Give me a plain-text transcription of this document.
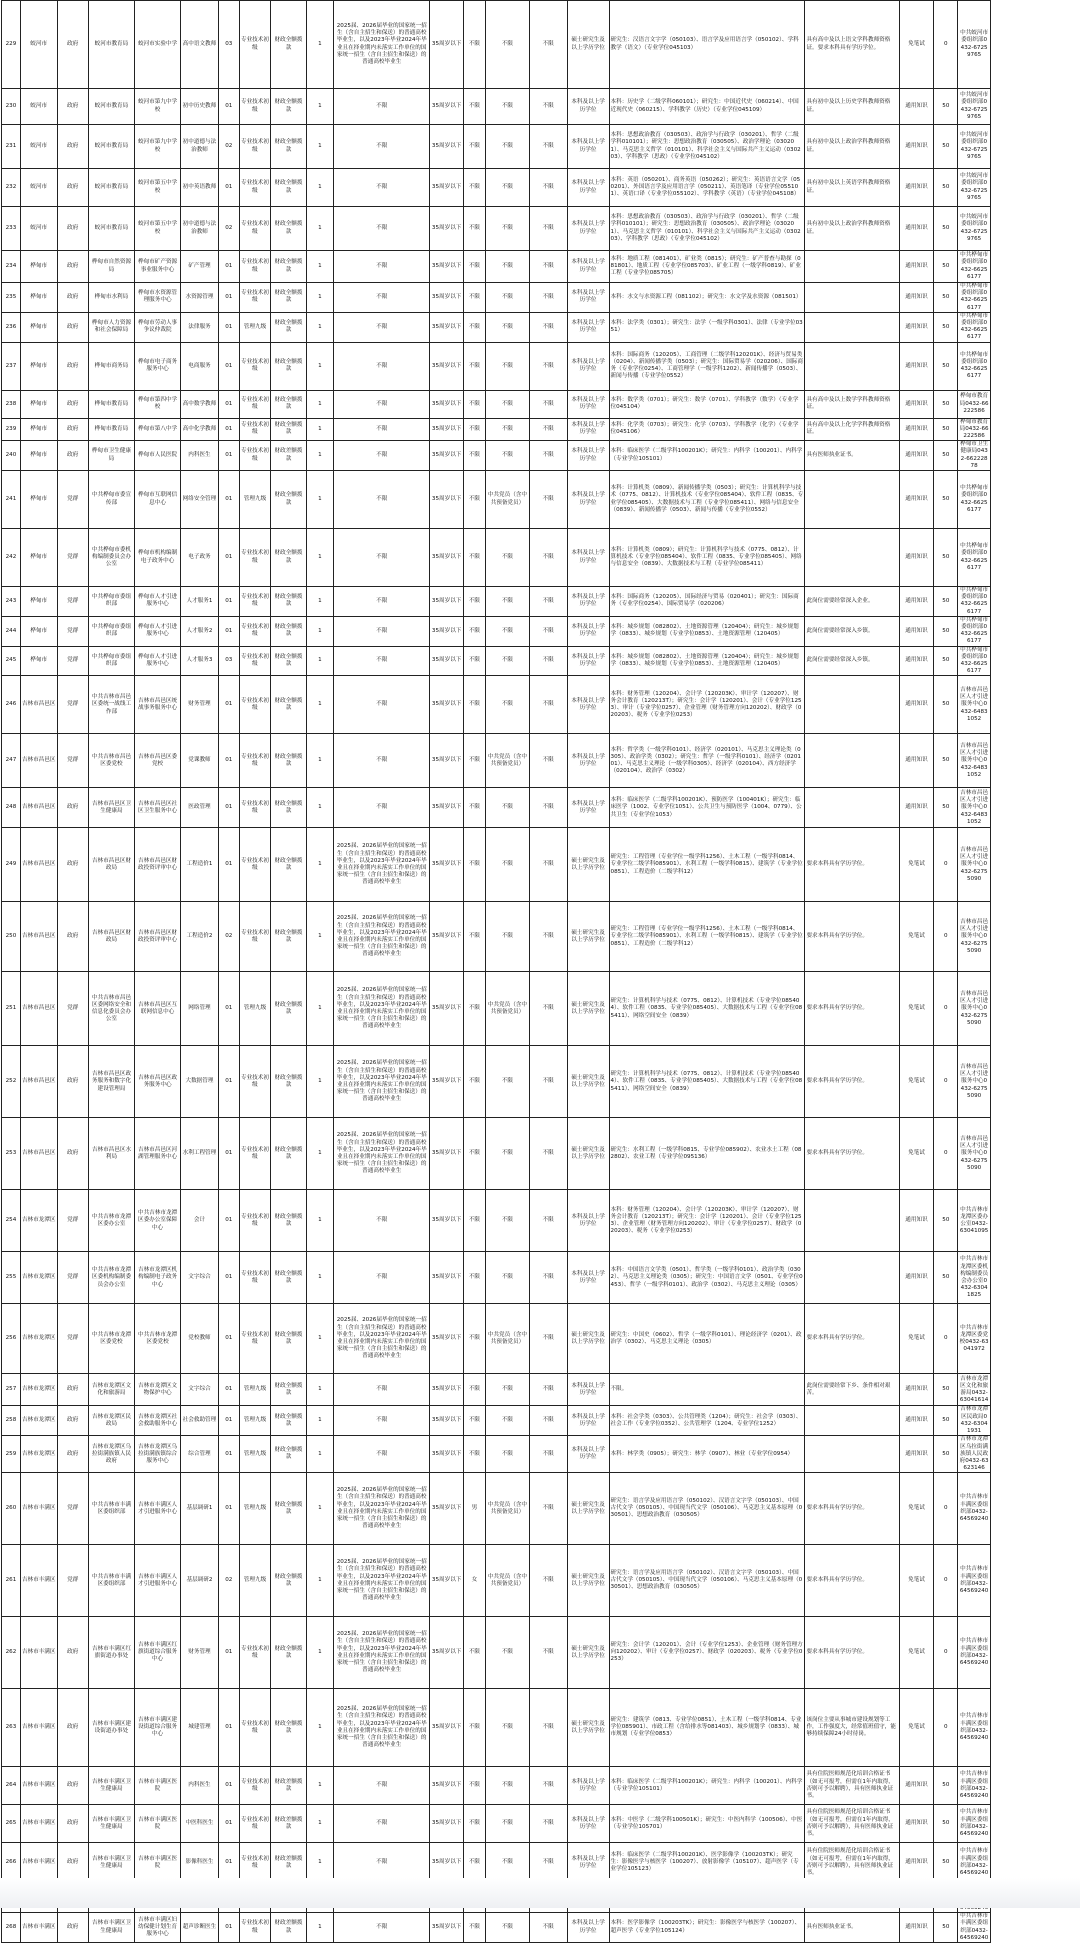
229	蛟河市	政府	蛟河市教育局	蛟河市实验中学	高中语文教师	03	专业技术初级	财政全额拨款	1	2025届、2026届毕业的国家统一招生（含自主招生和保送）的普通高校毕业生，以及2023年毕业2024年毕业且在择业期内未落实工作单位的国家统一招生（含自主招生和保送）的普通高校毕业生	35周岁以下	不限	不限	不限	硕士研究生及以上学历学位	研究生：汉语言文字学（050103）、语言学及应用语言学（050102）、学科教学（语文）（专业学位045103）	具有高中及以上语文学科教师资格证。要求本科具有学历学位。	免笔试	0	中共蛟河市委组织部0432-67259765
230	蛟河市	政府	蛟河市教育局	蛟河市第九中学校	初中历史教师	01	专业技术初级	财政全额拨款	1	不限	35周岁以下	不限	不限	不限	本科及以上学历学位	本科：历史学（二级学科060101）；研究生：中国近代史（060214）、中国近现代史（060215）、学科教学（历史）（专业学位045109）	具有初中及以上历史学科教师资格证。	通用知识	50	中共蛟河市委组织部0432-67259765
231	蛟河市	政府	蛟河市教育局	蛟河市第九中学校	初中道德与法治教师	02	专业技术初级	财政全额拨款	1	不限	35周岁以下	不限	不限	不限	本科及以上学历学位	本科：思想政治教育（030503）、政治学与行政学（030201）、哲学（二级学科010101）；研究生：思想政治教育（030505）、政治学理论（030201）、马克思主义哲学（010101）、科学社会主义与国际共产主义运动（030203）、学科教学（思政）（专业学位045102）	具有初中及以上政治学科教师资格证。	通用知识	50	中共蛟河市委组织部0432-67259765
232	蛟河市	政府	蛟河市教育局	蛟河市第五中学校	初中英语教师	01	专业技术初级	财政全额拨款	1	不限	35周岁以下	不限	不限	不限	本科及以上学历学位	本科：英语（050201）、商务英语（050262）；研究生：英语语言文学（050201）、外国语言学及应用语言学（050211）、英语笔译（专业学位055101）、英语口译（专业学位055102）、学科教学（英语）（专业学位045108）	具有初中及以上英语学科教师资格证。	通用知识	50	中共蛟河市委组织部0432-67259765
233	蛟河市	政府	蛟河市教育局	蛟河市第五中学校	初中道德与法治教师	02	专业技术初级	财政全额拨款	1	不限	35周岁以下	不限	不限	不限	本科及以上学历学位	本科：思想政治教育（030503）、政治学与行政学（030201）、哲学（二级学科010101）；研究生：思想政治教育（030505）、政治学理论（030201）、马克思主义哲学（010101）、科学社会主义与国际共产主义运动（030203）、学科教学（思政）（专业学位045102）	具有初中及以上政治学科教师资格证。	通用知识	50	中共蛟河市委组织部0432-67259765
234	桦甸市	政府	桦甸市自然资源局	桦甸市矿产资源事业服务中心	矿产管理	01	专业技术初级	财政全额拨款	1	不限	35周岁以下	不限	不限	不限	本科及以上学历学位	本科：地质工程（081401）、矿业类（0815）；研究生：矿产普查与勘探（081801）、地质工程（专业学位085703）、矿业工程（一级学科0819）、矿业工程（专业学位085705）		通用知识	50	中共桦甸市委组织部0432-66256177
235	桦甸市	政府	桦甸市水利局	桦甸市水资源管理服务中心	水资源管理	01	专业技术初级	财政全额拨款	1	不限	35周岁以下	不限	不限	不限	本科及以上学历学位	本科：水文与水资源工程（081102）；研究生：水文学及水资源（081501）		通用知识	50	中共桦甸市委组织部0432-66256177
236	桦甸市	政府	桦甸市人力资源和社会保障局	桦甸市劳动人事争议仲裁院	法律服务	01	管理九级	财政全额拨款	1	不限	35周岁以下	不限	不限	不限	本科及以上学历学位	本科：法学类（0301）；研究生：法学（一级学科0301）、法律（专业学位0351）		通用知识	50	中共桦甸市委组织部0432-66256177
237	桦甸市	政府	桦甸市商务局	桦甸市电子商务服务中心	电商服务	01	专业技术初级	财政全额拨款	1	不限	35周岁以下	不限	不限	不限	本科及以上学历学位	本科：国际商务（120205）、工商管理（二级学科120201K）、经济与贸易类（0204）、新闻传播学类（0503）；研究生：国际贸易学（020206）、国际商务（专业学位0254）、工商管理学（一级学科1202）、新闻传播学（0503）、新闻与传播（专业学位0552）		通用知识	50	中共桦甸市委组织部0432-66256177
238	桦甸市	政府	桦甸市教育局	桦甸市第四中学校	高中数学教师	01	专业技术初级	财政全额拨款	1	不限	35周岁以下	不限	不限	不限	本科及以上学历学位	本科：数学类（0701）；研究生：数学（0701）、学科教学（数学）（专业学位045104）	具有高中及以上数学学科教师资格证。	通用知识	50	桦甸市教育局0432-66222586
239	桦甸市	政府	桦甸市教育局	桦甸市第八中学	高中化学教师	01	专业技术初级	财政全额拨款	1	不限	35周岁以下	不限	不限	不限	本科及以上学历学位	本科：化学类（0703）；研究生：化学（0703）、学科教学（化学）（专业学位045106）	具有高中及以上化学学科教师资格证。	通用知识	50	桦甸市教育局0432-66222586
240	桦甸市	政府	桦甸市卫生健康局	桦甸市人民医院	内科医生	01	专业技术初级	财政差额拨款	1	不限	35周岁以下	不限	不限	不限	本科及以上学历学位	本科：临床医学（二级学科100201K）；研究生：内科学（100201）、内科学（专业学位105101）	具有医师执业证书。	通用知识	50	桦甸市卫生健康局0432-66222878
241	桦甸市	党群	中共桦甸市委宣传部	桦甸市互联网信息中心	网络安全管理	01	管理九级	财政全额拨款	1	不限	35周岁以下	不限	中共党员（含中共预备党员）	不限	本科及以上学历学位	本科：计算机类（0809）、新闻传播学类（0503）；研究生：计算机科学与技术（0775、0812）、计算机技术（专业学位085404）、软件工程（0835、专业学位085405）、大数据技术与工程（专业学位085411）、网络与信息安全（0839）、新闻传播学（0503）、新闻与传播（专业学位0552）		通用知识	50	中共桦甸市委组织部0432-66256177
242	桦甸市	党群	中共桦甸市委机构编制委员会办公室	桦甸市机构编制电子政务中心	电子政务	01	专业技术初级	财政全额拨款	1	不限	35周岁以下	不限	不限	不限	本科及以上学历学位	本科：计算机类（0809）；研究生：计算机科学与技术（0775、0812）、计算机技术（专业学位085404）、软件工程（0835、专业学位085405）、网络与信息安全（0839）、大数据技术与工程（专业学位085411）		通用知识	50	中共桦甸市委组织部0432-66256177
243	桦甸市	党群	中共桦甸市委组织部	桦甸市人才引进服务中心	人才服务1	01	专业技术初级	财政全额拨款	1	不限	35周岁以下	不限	不限	不限	本科及以上学历学位	本科：国际商务（120205）、国际经济与贸易（020401）；研究生：国际商务（专业学位0254）、国际贸易学（020206）	此岗位需要经常深入企业。	通用知识	50	中共桦甸市委组织部0432-66256177
244	桦甸市	党群	中共桦甸市委组织部	桦甸市人才引进服务中心	人才服务2	01	专业技术初级	财政全额拨款	1	不限	35周岁以下	不限	不限	不限	本科及以上学历学位	本科：城乡规划（082802）、土地资源管理（120404）；研究生：城乡规划学（0833）、城乡规划（专业学位0853）、土地资源管理（120405）	此岗位需要经常深入乡镇。	通用知识	50	中共桦甸市委组织部0432-66256177
245	桦甸市	党群	中共桦甸市委组织部	桦甸市人才引进服务中心	人才服务3	03	专业技术初级	财政全额拨款	1	不限	35周岁以下	不限	不限	不限	本科及以上学历学位	本科：城乡规划（082802）、土地资源管理（120404）；研究生：城乡规划学（0833）、城乡规划（专业学位0853）、土地资源管理（120405）	此岗位需要经常深入乡镇。	通用知识	50	中共桦甸市委组织部0432-66256177
246	吉林市昌邑区	党群	中共吉林市昌邑区委统一战线工作部	吉林市昌邑区统战事务服务中心	财务管理	01	专业技术初级	财政全额拨款	1	不限	35周岁以下	不限	不限	不限	本科及以上学历学位	本科：财务管理（120204）、会计学（120203K）、审计学（120207）、财务会计教育（120213T）；研究生：会计学（120201）、会计（专业学位1253）、审计（专业学位0257）、企业管理（财务管理方向120202）、财政学（020203）、税务（专业学位0253）		通用知识	50	吉林市昌邑区人才引进服务中心0432-64831052
247	吉林市昌邑区	党群	中共吉林市昌邑区委党校	吉林市昌邑区委党校	党课教师	01	专业技术初级	财政全额拨款	1	不限	35周岁以下	不限	中共党员（含中共预备党员）	不限	本科及以上学历学位	本科：哲学类（一级学科0101）、经济学（020101）、马克思主义理论类（0305）、政治学类（0302）；研究生：哲学（一级学科0101）、经济学（020101）、马克思主义理论（一级学科0305）、经济学（020104）、西方经济学（020104）、政治学（0302）		通用知识	50	吉林市昌邑区人才引进服务中心0432-64831052
248	吉林市昌邑区	政府	吉林市昌邑区卫生健康局	吉林市昌邑区社区卫生服务中心	医政管理	01	专业技术初级	财政全额拨款	1	不限	35周岁以下	不限	不限	不限	本科及以上学历学位	本科：临床医学（二级学科100201K）、预防医学（100401K）；研究生：临床医学（1002、专业学位1051）、公共卫生与预防医学（1004、0779）、公共卫生（专业学位1053）		通用知识	50	吉林市昌邑区人才引进服务中心0432-64831052
249	吉林市昌邑区	政府	吉林市昌邑区财政局	吉林市昌邑区财政投资评审中心	工程造价1	01	专业技术初级	财政全额拨款	1	2025届、2026届毕业的国家统一招生（含自主招生和保送）的普通高校毕业生，以及2023年毕业2024年毕业且在择业期内未落实工作单位的国家统一招生（含自主招生和保送）的普通高校毕业生	35周岁以下	不限	不限	不限	硕士研究生及以上学历学位	研究生：工程管理（专业学位一级学科1256）、土木工程（一级学科0814、专业学位二级学科085901）、水利工程（一级学科0815）、建筑学（专业学位0851）、工程造价（二级学科12）	要求本科具有学历学位。	免笔试	0	吉林市昌邑区人才引进服务中心0432-62755090
250	吉林市昌邑区	政府	吉林市昌邑区财政局	吉林市昌邑区财政投资评审中心	工程造价2	02	专业技术初级	财政全额拨款	1	2025届、2026届毕业的国家统一招生（含自主招生和保送）的普通高校毕业生，以及2023年毕业2024年毕业且在择业期内未落实工作单位的国家统一招生（含自主招生和保送）的普通高校毕业生	35周岁以下	不限	不限	不限	硕士研究生及以上学历学位	研究生：工程管理（专业学位一级学科1256）、土木工程（一级学科0814、专业学位二级学科085901）、水利工程（一级学科0815）、建筑学（专业学位0851）、工程造价（二级学科12）	要求本科具有学历学位。	免笔试	0	吉林市昌邑区人才引进服务中心0432-62755090
251	吉林市昌邑区	党群	中共吉林市昌邑区委网络安全和信息化委员会办公室	吉林市昌邑区互联网信息中心	网络管理	01	管理九级	财政全额拨款	1	2025届、2026届毕业的国家统一招生（含自主招生和保送）的普通高校毕业生，以及2023年毕业2024年毕业且在择业期内未落实工作单位的国家统一招生（含自主招生和保送）的普通高校毕业生	35周岁以下	不限	中共党员（含中共预备党员）	不限	硕士研究生及以上学历学位	研究生：计算机科学与技术（0775、0812）、计算机技术（专业学位085404）、软件工程（0835、专业学位085405）、大数据技术与工程（专业学位085411）、网络空间安全（0839）	要求本科具有学历学位。	免笔试	0	吉林市昌邑区人才引进服务中心0432-62755090
252	吉林市昌邑区	政府	吉林市昌邑区政务服务和数字化建设管理局	吉林市昌邑区政务服务中心	大数据管理	01	专业技术初级	财政全额拨款	1	2025届、2026届毕业的国家统一招生（含自主招生和保送）的普通高校毕业生，以及2023年毕业2024年毕业且在择业期内未落实工作单位的国家统一招生（含自主招生和保送）的普通高校毕业生	35周岁以下	不限	不限	不限	硕士研究生及以上学历学位	研究生：计算机科学与技术（0775、0812）、计算机技术（专业学位085404）、软件工程（0835、专业学位085405）、大数据技术与工程（专业学位085411）、网络空间安全（0839）	要求本科具有学历学位。	免笔试	0	吉林市昌邑区人才引进服务中心0432-62755090
253	吉林市昌邑区	政府	吉林市昌邑区水利局	吉林市昌邑区河湖管理服务中心	水利工程管理	01	专业技术初级	财政全额拨款	1	2025届、2026届毕业的国家统一招生（含自主招生和保送）的普通高校毕业生，以及2023年毕业2024年毕业且在择业期内未落实工作单位的国家统一招生（含自主招生和保送）的普通高校毕业生	35周岁以下	不限	不限	不限	硕士研究生及以上学历学位	研究生：水利工程（一级学科0815、专业学位085902）、农业水土工程（082802）、农业工程（专业学位095136）	要求本科具有学历学位。	免笔试	0	吉林市昌邑区人才引进服务中心0432-62755090
254	吉林市龙潭区	党群	中共吉林市龙潭区委办公室	中共吉林市龙潭区委办公室保障中心	会计	01	专业技术初级	财政全额拨款	1	不限	35周岁以下	不限	不限	不限	本科及以上学历学位	本科：财务管理（120204）、会计学（120203K）、审计学（120207）、财务会计教育（120213T）；研究生：会计学（120201）、会计（专业学位1253）、企业管理（财务管理方向120202）、审计（专业学位0257）、财政学（020203）、税务（专业学位0253）		通用知识	50	中共吉林市龙潭区委办公室0432-63041095
255	吉林市龙潭区	党群	中共吉林市龙潭区委机构编制委员会办公室	吉林市龙潭区机构编制电子政务中心	文字综合	01	专业技术初级	财政全额拨款	1	不限	35周岁以下	不限	不限	不限	本科及以上学历学位	本科：中国语言文学类（0501）、哲学类（一级学科0101）、政治学类（0302）、马克思主义理论类（0305）；研究生：中国语言文学（0501、专业学位0453）、哲学（一级学科0101）、政治学（0302）、马克思主义理论（0305）		通用知识	50	中共吉林市龙潭区委机构编制委员会办公室0432-63041825
256	吉林市龙潭区	党群	中共吉林市龙潭区委党校	中共吉林市龙潭区委党校	党校教师	01	专业技术初级	财政全额拨款	1	2025届、2026届毕业的国家统一招生（含自主招生和保送）的普通高校毕业生，以及2023年毕业2024年毕业且在择业期内未落实工作单位的国家统一招生（含自主招生和保送）的普通高校毕业生	35周岁以下	不限	中共党员（含中共预备党员）	不限	硕士研究生及以上学历学位	研究生：中国史（0602）、哲学（一级学科0101）、理论经济学（0201）、政治学（0302）、马克思主义理论（0305）	要求本科具有学历学位。	免笔试	0	中共吉林市龙潭区委党校0432-63041972
257	吉林市龙潭区	政府	吉林市龙潭区文化和旅游局	吉林市龙潭区文物保护中心	文字综合	01	管理九级	财政全额拨款	1	不限	35周岁以下	不限	不限	不限	本科及以上学历学位	不限。	此岗位需要经常下乡、条件相对艰苦。	通用知识	50	吉林市龙潭区文化和旅游局0432-63041614
258	吉林市龙潭区	政府	吉林市龙潭区民政局	吉林市龙潭区社会救助服务中心	社会救助管理	01	管理九级	财政全额拨款	1	不限	35周岁以下	不限	不限	不限	本科及以上学历学位	本科：社会学类（0303）、公共管理类（1204）；研究生：社会学（0303）、社会工作（专业学位0352）、公共管理学（1204、专业学位1252）		通用知识	50	吉林市龙潭区民政局0432-63041931
259	吉林市龙潭区	政府	吉林市龙潭区乌拉街满族镇人民政府	吉林市龙潭区乌拉街满族镇综合服务中心	综合管理	01	管理九级	财政全额拨款	1	不限	35周岁以下	不限	不限	不限	本科及以上学历学位	本科：林学类（0905）；研究生：林学（0907）、林业（专业学位0954）		通用知识	50	吉林市龙潭区乌拉街满族镇人民政府0432-63623146
260	吉林市丰满区	党群	中共吉林市丰满区委组织部	吉林市丰满区人才引进服务中心	基层调研1	01	管理九级	财政全额拨款	1	2025届、2026届毕业的国家统一招生（含自主招生和保送）的普通高校毕业生，以及2023年毕业2024年毕业且在择业期内未落实工作单位的国家统一招生（含自主招生和保送）的普通高校毕业生	35周岁以下	男	中共党员（含中共预备党员）	不限	硕士研究生及以上学历学位	研究生：语言学及应用语言学（050102）、汉语言文字学（050103）、中国古代文学（050105）、中国现当代文学（050106）、马克思主义基本原理（030501）、思想政治教育（030505）	要求本科具有学历学位。	免笔试	0	中共吉林市丰满区委组织部0432-64569240
261	吉林市丰满区	党群	中共吉林市丰满区委组织部	吉林市丰满区人才引进服务中心	基层调研2	02	管理九级	财政全额拨款	1	2025届、2026届毕业的国家统一招生（含自主招生和保送）的普通高校毕业生，以及2023年毕业2024年毕业且在择业期内未落实工作单位的国家统一招生（含自主招生和保送）的普通高校毕业生	35周岁以下	女	中共党员（含中共预备党员）	不限	硕士研究生及以上学历学位	研究生：语言学及应用语言学（050102）、汉语言文字学（050103）、中国古代文学（050105）、中国现当代文学（050106）、马克思主义基本原理（030501）、思想政治教育（030505）	要求本科具有学历学位。	免笔试	0	中共吉林市丰满区委组织部0432-64569240
262	吉林市丰满区	政府	吉林市丰满区红旗街道办事处	吉林市丰满区红旗街道综合服务中心	财务管理	01	专业技术初级	财政全额拨款	1	2025届、2026届毕业的国家统一招生（含自主招生和保送）的普通高校毕业生，以及2023年毕业2024年毕业且在择业期内未落实工作单位的国家统一招生（含自主招生和保送）的普通高校毕业生	35周岁以下	不限	不限	不限	硕士研究生及以上学历学位	研究生：会计学（120201）、会计（专业学位1253）、企业管理（财务管理方向120202）、审计（专业学位0257）、财政学（020203）、税务（专业学位0253）	要求本科具有学历学位。	免笔试	0	中共吉林市丰满区委组织部0432-64569240
263	吉林市丰满区	政府	吉林市丰满区建设街道办事处	吉林市丰满区建设街道综合服务中心	城建管理	01	专业技术初级	财政全额拨款	1	2025届、2026届毕业的国家统一招生（含自主招生和保送）的普通高校毕业生，以及2023年毕业2024年毕业且在择业期内未落实工作单位的国家统一招生（含自主招生和保送）的普通高校毕业生	35周岁以下	不限	不限	不限	硕士研究生及以上学历学位	研究生：建筑学（0813、专业学位0851）、土木工程（一级学科0814、专业学位085901）、市政工程（含给排水等081403）、城乡规划学（0833）、城市规划（专业学位0853）	该岗位主要从事城市建设规划等工作，工作强度大，经常值班值守，能够持续保障24小时待岗。	免笔试	0	中共吉林市丰满区委组织部0432-64569240
264	吉林市丰满区	政府	吉林市丰满区卫生健康局	吉林市丰满区医院	内科医生	01	专业技术初级	财政差额拨款	1	不限	35周岁以下	不限	不限	不限	本科及以上学历学位	本科：临床医学（二级学科100201K）；研究生：内科学（100201）、内科学（专业学位105101）	具有住院医师规范化培训合格证书（如无可报考，但需在1年内取得，否则可予以解聘），具有医师执业证书。	通用知识	50	中共吉林市丰满区委组织部0432-64569240
265	吉林市丰满区	政府	吉林市丰满区卫生健康局	吉林市丰满区医院	中医科医生	01	专业技术初级	财政差额拨款	1	不限	35周岁以下	不限	不限	不限	本科及以上学历学位	本科：中医学（二级学科100501K）；研究生：中医内科学（100506）、中医（专业学位105701）	具有住院医师规范化培训合格证书（如无可报考，但需在1年内取得，否则可予以解聘），具有医师执业证书。	通用知识	50	中共吉林市丰满区委组织部0432-64569240
266	吉林市丰满区	政府	吉林市丰满区卫生健康局	吉林市丰满区医院	影像科医生	01	专业技术初级	财政差额拨款	1	不限	35周岁以下	不限	不限	不限	本科及以上学历学位	本科：临床医学（二级学科100201K）、医学影像学（100203TK）；研究生：影像医学与核医学（100207）、放射影像学（105107）、超声医学（专业学位105123）	具有住院医师规范化培训合格证书（如无可报考，但需在1年内取得，否则可予以解聘），具有医师执业证书。	通用知识	50	中共吉林市丰满区委组织部0432-64569240

268	吉林市丰满区	政府	吉林市丰满区卫生健康局	吉林市丰满区妇幼保健计划生育服务中心	超声诊断医生	01	专业技术初级	财政差额拨款	1	不限	35周岁以下	不限	不限	不限	本科及以上学历学位	本科：医学影像学（100203TK）；研究生：影像医学与核医学（100207）、超声医学（专业学位105124）	具有医师执业证书。	通用知识	50	中共吉林市丰满区委组织部0432-64569240
